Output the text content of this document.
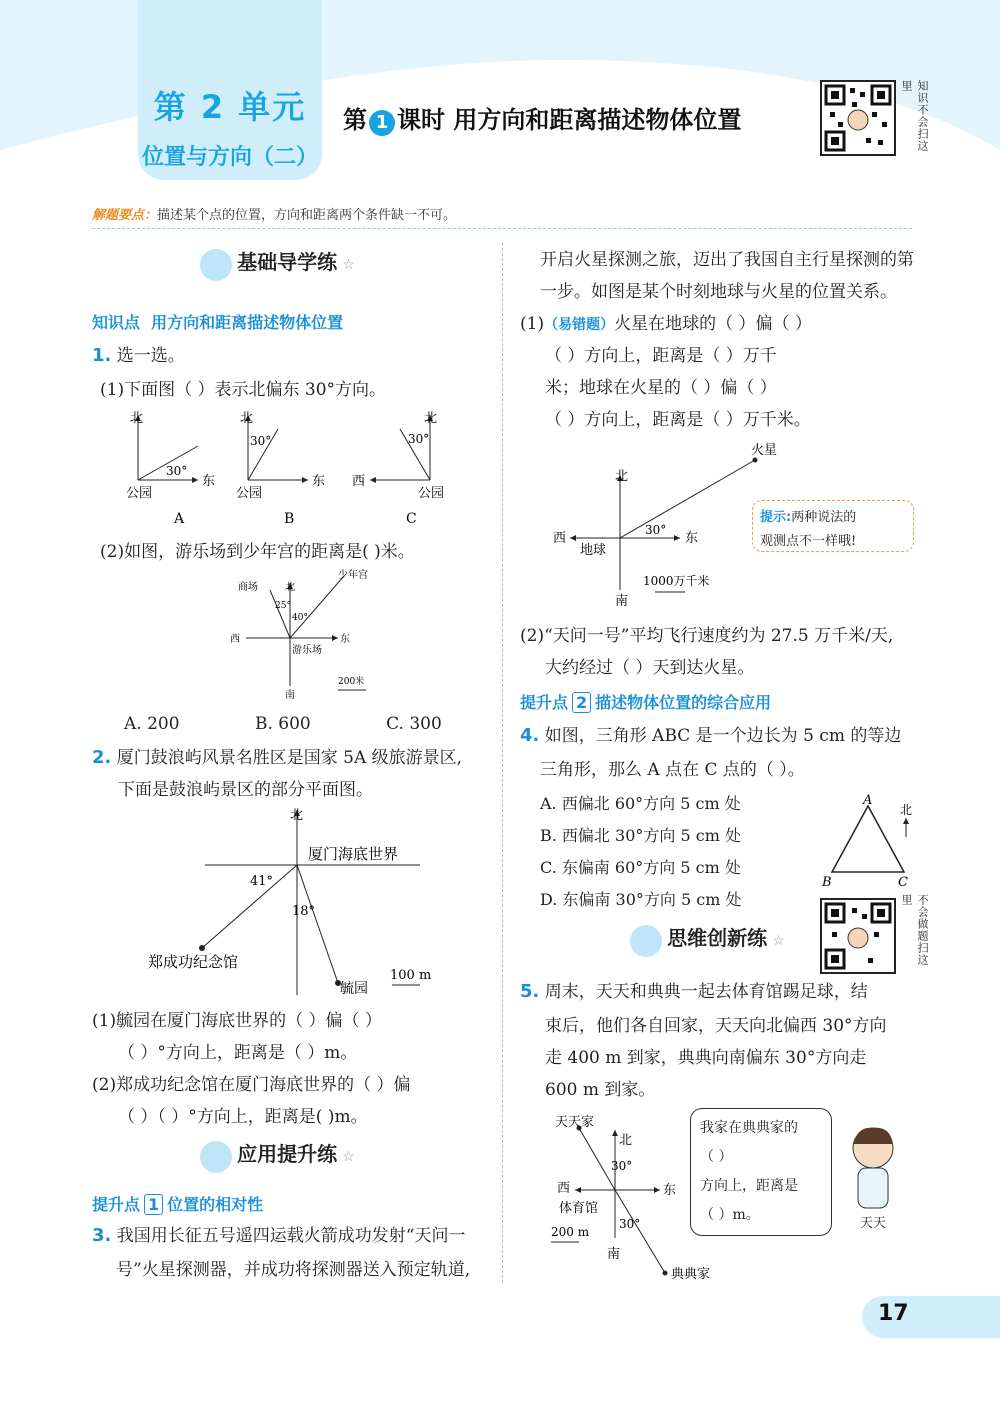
第 2 单元
位置与方向（二）
第 1 课时 用方向和距离描述物体位置	知识不会扫这里
解题要点：描述某个点的位置，方向和距离两个条件缺一不可。
基础导学练 ☆
知识点 用方向和距离描述物体位置
1. 选一选。
(1)下面图（ ）表示北偏东 30°方向。
北
30°
东
公园
A
北
30°
东
公园
B
北
30°
西
公园
C
(2)如图，游乐场到少年宫的距离是( )米。
商场	北
少年宫
25°
40°
西	东
游乐场
南
200米
A. 200	B. 600	C. 300
2. 厦门鼓浪屿风景名胜区是国家 5A 级旅游景区,
下面是鼓浪屿景区的部分平面图。
北
厦门海底世界
41°
18°
郑成功纪念馆
毓园
100 m
(1)毓园在厦门海底世界的（ ）偏（ ）
（ ）°方向上，距离是（ ）m。
(2)郑成功纪念馆在厦门海底世界的（ ）偏
（ ）（ ）°方向上，距离是( )m。
应用提升练 ☆
提升点 1 位置的相对性
3. 我国用长征五号遥四运载火箭成功发射“天问一
号”火星探测器，并成功将探测器送入预定轨道,
开启火星探测之旅，迈出了我国自主行星探测的第
一步。如图是某个时刻地球与火星的位置关系。
(1)（易错题）火星在地球的（ ）偏（ ）
（ ）方向上，距离是（ ）万千
米；地球在火星的（ ）偏（ ）
（ ）方向上，距离是（ ）万千米。
北
火星
西
地球
30°
东
南
1000万千米
提示:两种说法的
观测点不一样哦!
(2)“天问一号”平均飞行速度约为 27.5 万千米/天,
大约经过（ ）天到达火星。
提升点 2 描述物体位置的综合应用
4. 如图，三角形 ABC 是一个边长为 5 cm 的等边
三角形，那么 A 点在 C 点的（ ）。
A. 西偏北 60°方向 5 cm 处
B. 西偏北 30°方向 5 cm 处
C. 东偏南 60°方向 5 cm 处
D. 东偏南 30°方向 5 cm 处
A
B	C
北
不会做题扫这里
思维创新练 ☆
5. 周末，天天和典典一起去体育馆踢足球，结
束后，他们各自回家，天天向北偏西 30°方向
走 400 m 到家，典典向南偏东 30°方向走
600 m 到家。
天天家
北
30°
西	东
体育馆
30°
200 m
南
典典家
我家在典典家的
（ ）
方向上，距离是
（ ）m。
天天
17
